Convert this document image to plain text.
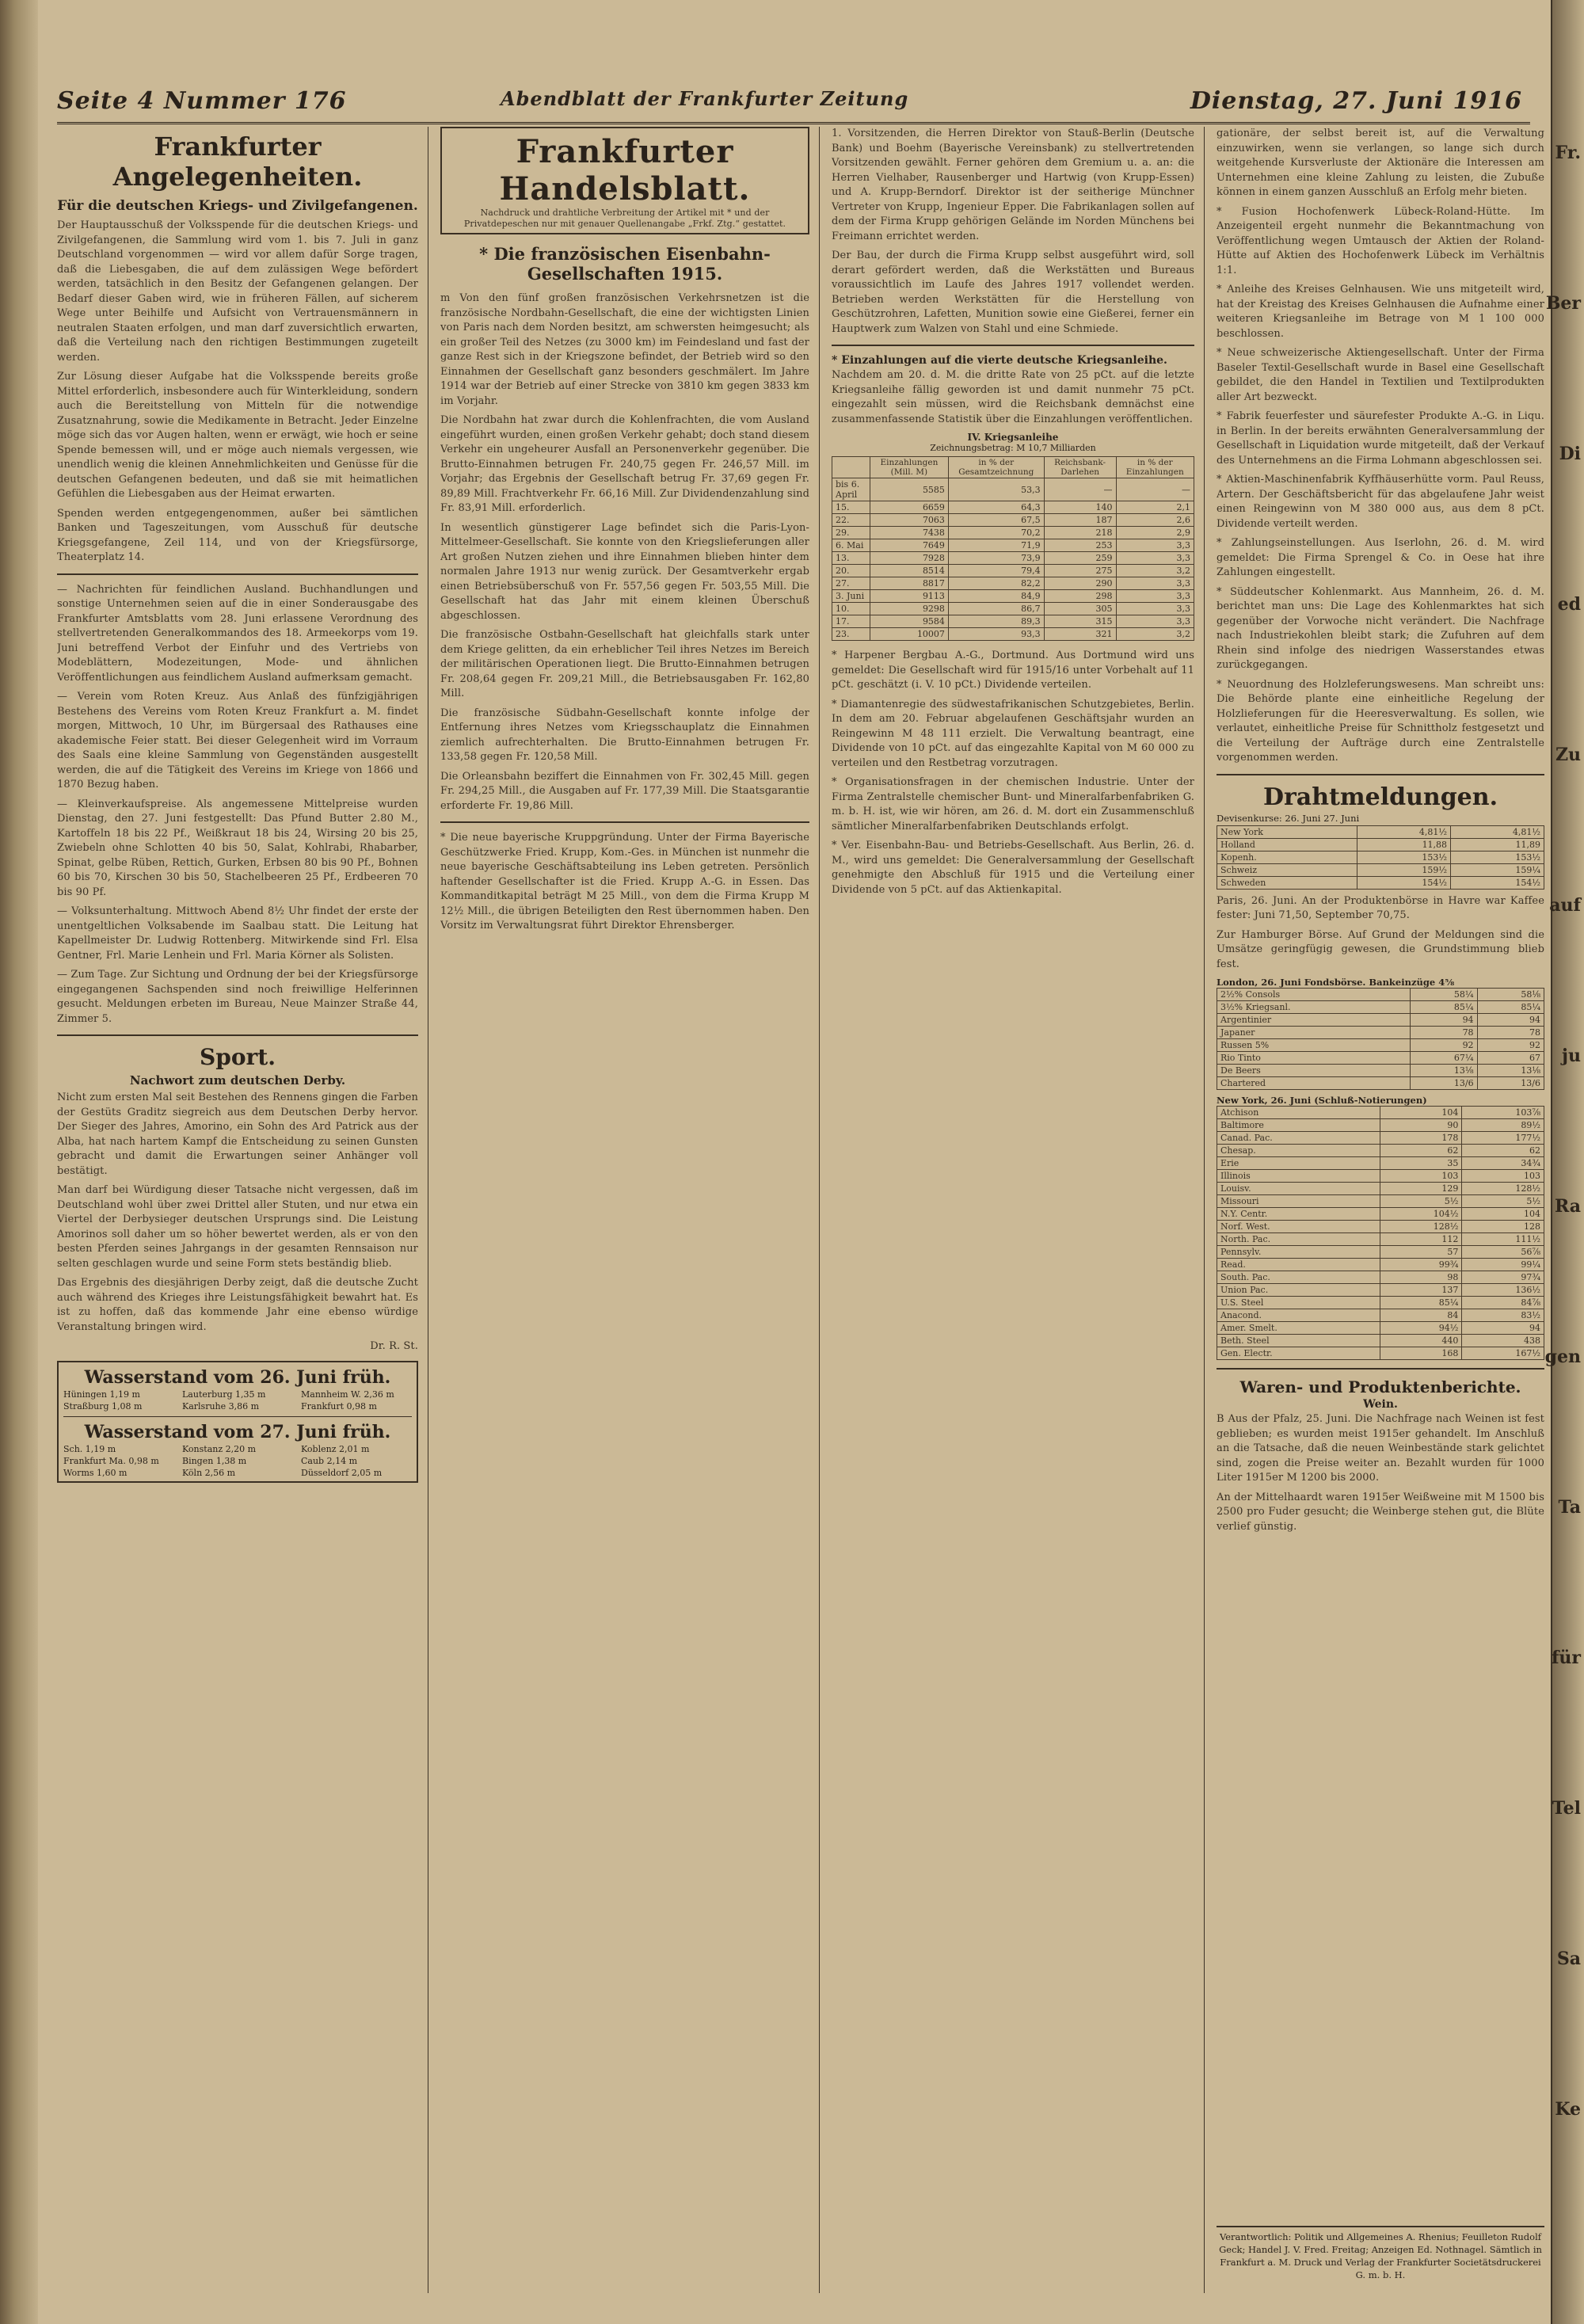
Seite 4 Nummer 176	Abendblatt der Frankfurter Zeitung	Dienstag, 27. Juni 1916
Frankfurter Angelegenheiten.
Für die deutschen Kriegs- und Zivilgefangenen.

Der Hauptausschuß der Volksspende für die deutschen Kriegs- und Zivilgefangenen, die Sammlung wird vom 1. bis 7. Juli in ganz Deutschland vorgenommen — wird vor allem dafür Sorge tragen, daß die Liebesgaben, die auf dem zulässigen Wege befördert werden, tatsächlich in den Besitz der Gefangenen gelangen. Der Bedarf dieser Gaben wird, wie in früheren Fällen, auf sicherem Wege unter Beihilfe und Aufsicht von Vertrauensmännern in neutralen Staaten erfolgen, und man darf zuversichtlich erwarten, daß die Verteilung nach den richtigen Bestimmungen zugeteilt werden.

Zur Lösung dieser Aufgabe hat die Volksspende bereits große Mittel erforderlich, insbesondere auch für Winterkleidung, sondern auch die Bereitstellung von Mitteln für die notwendige Zusatznahrung, sowie die Medikamente in Betracht. Jeder Einzelne möge sich das vor Augen halten, wenn er erwägt, wie hoch er seine Spende bemessen will, und er möge auch niemals vergessen, wie unendlich wenig die kleinen Annehmlichkeiten und Genüsse für die deutschen Gefangenen bedeuten, und daß sie mit heimatlichen Gefühlen die Liebesgaben aus der Heimat erwarten.

Spenden werden entgegengenommen, außer bei sämtlichen Banken und Tageszeitungen, vom Ausschuß für deutsche Kriegsgefangene, Zeil 114, und von der Kriegsfürsorge, Theaterplatz 14.

— Nachrichten für feindlichen Ausland. Buchhandlungen und sonstige Unternehmen seien auf die in einer Sonderausgabe des Frankfurter Amtsblatts vom 28. Juni erlassene Verordnung des stellvertretenden Generalkommandos des 18. Armeekorps vom 19. Juni betreffend Verbot der Einfuhr und des Vertriebs von Modeblättern, Modezeitungen, Mode- und ähnlichen Veröffentlichungen aus feindlichem Ausland aufmerksam gemacht.

— Verein vom Roten Kreuz. Aus Anlaß des fünfzigjährigen Bestehens des Vereins vom Roten Kreuz Frankfurt a. M. findet morgen, Mittwoch, 10 Uhr, im Bürgersaal des Rathauses eine akademische Feier statt. Bei dieser Gelegenheit wird im Vorraum des Saals eine kleine Sammlung von Gegenständen ausgestellt werden, die auf die Tätigkeit des Vereins im Kriege von 1866 und 1870 Bezug haben.

— Kleinverkaufspreise. Als angemessene Mittelpreise wurden Dienstag, den 27. Juni festgestellt: Das Pfund Butter 2.80 M., Kartoffeln 18 bis 22 Pf., Weißkraut 18 bis 24, Wirsing 20 bis 25, Zwiebeln ohne Schlotten 40 bis 50, Salat, Kohlrabi, Rhabarber, Spinat, gelbe Rüben, Rettich, Gurken, Erbsen 80 bis 90 Pf., Bohnen 60 bis 70, Kirschen 30 bis 50, Stachelbeeren 25 Pf., Erdbeeren 70 bis 90 Pf.

— Volksunterhaltung. Mittwoch Abend 8½ Uhr findet der erste der unentgeltlichen Volksabende im Saalbau statt. Die Leitung hat Kapellmeister Dr. Ludwig Rottenberg. Mitwirkende sind Frl. Elsa Gentner, Frl. Marie Lenhein und Frl. Maria Körner als Solisten.

— Zum Tage. Zur Sichtung und Ordnung der bei der Kriegsfürsorge eingegangenen Sachspenden sind noch freiwillige Helferinnen gesucht. Meldungen erbeten im Bureau, Neue Mainzer Straße 44, Zimmer 5.

Sport.
Nachwort zum deutschen Derby.

Nicht zum ersten Mal seit Bestehen des Rennens gingen die Farben der Gestüts Graditz siegreich aus dem Deutschen Derby hervor. Der Sieger des Jahres, Amorino, ein Sohn des Ard Patrick aus der Alba, hat nach hartem Kampf die Entscheidung zu seinen Gunsten gebracht und damit die Erwartungen seiner Anhänger voll bestätigt.

Man darf bei Würdigung dieser Tatsache nicht vergessen, daß im Deutschland wohl über zwei Drittel aller Stuten, und nur etwa ein Viertel der Derbysieger deutschen Ursprungs sind. Die Leistung Amorinos soll daher um so höher bewertet werden, als er von den besten Pferden seines Jahrgangs in der gesamten Rennsaison nur selten geschlagen wurde und seine Form stets beständig blieb.

Das Ergebnis des diesjährigen Derby zeigt, daß die deutsche Zucht auch während des Krieges ihre Leistungsfähigkeit bewahrt hat. Es ist zu hoffen, daß das kommende Jahr eine ebenso würdige Veranstaltung bringen wird.

Dr. R. St.

Wasserstand vom 26. Juni früh.
Hüningen 1,19 m	Lauterburg 1,35 m	Mannheim W. 2,36 m
Straßburg 1,08 m	Karlsruhe 3,86 m	Frankfurt 0,98 m
Wasserstand vom 27. Juni früh.
Sch. 1,19 m	Konstanz 2,20 m	Koblenz 2,01 m
Frankfurt Ma. 0,98 m	Bingen 1,38 m	Caub 2,14 m
Worms 1,60 m	Köln 2,56 m	Düsseldorf 2,05 m
Frankfurter Handelsblatt.

Nachdruck und drahtliche Verbreitung der Artikel mit * und der Privatdepeschen nur mit genauer Quellenangabe „Frkf. Ztg.“ gestattet.

* Die französischen Eisenbahn-Gesellschaften 1915.

m Von den fünf großen französischen Verkehrsnetzen ist die französische Nordbahn-Gesellschaft, die eine der wichtigsten Linien von Paris nach dem Norden besitzt, am schwersten heimgesucht; als ein großer Teil des Netzes (zu 3000 km) im Feindesland und fast der ganze Rest sich in der Kriegszone befindet, der Betrieb wird so den Einnahmen der Gesellschaft ganz besonders geschmälert. Im Jahre 1914 war der Betrieb auf einer Strecke von 3810 km gegen 3833 km im Vorjahr.

Die Nordbahn hat zwar durch die Kohlenfrachten, die vom Ausland eingeführt wurden, einen großen Verkehr gehabt; doch stand diesem Verkehr ein ungeheurer Ausfall an Personenverkehr gegenüber. Die Brutto-Einnahmen betrugen Fr. 240,75 gegen Fr. 246,57 Mill. im Vorjahr; das Ergebnis der Gesellschaft betrug Fr. 37,69 gegen Fr. 89,89 Mill. Frachtverkehr Fr. 66,16 Mill. Zur Dividendenzahlung sind Fr. 83,91 Mill. erforderlich.

In wesentlich günstigerer Lage befindet sich die Paris-Lyon-Mittelmeer-Gesellschaft. Sie konnte von den Kriegslieferungen aller Art großen Nutzen ziehen und ihre Einnahmen blieben hinter dem normalen Jahre 1913 nur wenig zurück. Der Gesamtverkehr ergab einen Betriebsüberschuß von Fr. 557,56 gegen Fr. 503,55 Mill. Die Gesellschaft hat das Jahr mit einem kleinen Überschuß abgeschlossen.

Die französische Ostbahn-Gesellschaft hat gleichfalls stark unter dem Kriege gelitten, da ein erheblicher Teil ihres Netzes im Bereich der militärischen Operationen liegt. Die Brutto-Einnahmen betrugen Fr. 208,64 gegen Fr. 209,21 Mill., die Betriebsausgaben Fr. 162,80 Mill.

Die französische Südbahn-Gesellschaft konnte infolge der Entfernung ihres Netzes vom Kriegsschauplatz die Einnahmen ziemlich aufrechterhalten. Die Brutto-Einnahmen betrugen Fr. 133,58 gegen Fr. 120,58 Mill.

Die Orleansbahn beziffert die Einnahmen von Fr. 302,45 Mill. gegen Fr. 294,25 Mill., die Ausgaben auf Fr. 177,39 Mill. Die Staatsgarantie erforderte Fr. 19,86 Mill.

* Die neue bayerische Kruppgründung. Unter der Firma Bayerische Geschützwerke Fried. Krupp, Kom.-Ges. in München ist nunmehr die neue bayerische Geschäftsabteilung ins Leben getreten. Persönlich haftender Gesellschafter ist die Fried. Krupp A.-G. in Essen. Das Kommanditkapital beträgt M 25 Mill., von dem die Firma Krupp M 12½ Mill., die übrigen Beteiligten den Rest übernommen haben. Den Vorsitz im Verwaltungsrat führt Direktor Ehrensberger.

1. Vorsitzenden, die Herren Direktor von Stauß-Berlin (Deutsche Bank) und Boehm (Bayerische Vereinsbank) zu stellvertretenden Vorsitzenden gewählt. Ferner gehören dem Gremium u. a. an: die Herren Vielhaber, Rausenberger und Hartwig (von Krupp-Essen) und A. Krupp-Berndorf. Direktor ist der seitherige Münchner Vertreter von Krupp, Ingenieur Epper. Die Fabrikanlagen sollen auf dem der Firma Krupp gehörigen Gelände im Norden Münchens bei Freimann errichtet werden.

Der Bau, der durch die Firma Krupp selbst ausgeführt wird, soll derart gefördert werden, daß die Werkstätten und Bureaus voraussichtlich im Laufe des Jahres 1917 vollendet werden. Betrieben werden Werkstätten für die Herstellung von Geschützrohren, Lafetten, Munition sowie eine Gießerei, ferner ein Hauptwerk zum Walzen von Stahl und eine Schmiede.

* Einzahlungen auf die vierte deutsche Kriegsanleihe.

Nachdem am 20. d. M. die dritte Rate von 25 pCt. auf die letzte Kriegsanleihe fällig geworden ist und damit nunmehr 75 pCt. eingezahlt sein müssen, wird die Reichsbank demnächst eine zusammenfassende Statistik über die Einzahlungen veröffentlichen.

IV. Kriegsanleihe
Zeichnungsbetrag: M 10,7 Milliarden
	Einzahlungen (Mill. M)	in % der Gesamtzeichnung	Reichsbank-Darlehen	in % der Einzahlungen
bis 6. April	5585	53,3	—	—
15.	6659	64,3	140	2,1
22.	7063	67,5	187	2,6
29.	7438	70,2	218	2,9
6. Mai	7649	71,9	253	3,3
13.	7928	73,9	259	3,3
20.	8514	79,4	275	3,2
27.	8817	82,2	290	3,3
3. Juni	9113	84,9	298	3,3
10.	9298	86,7	305	3,3
17.	9584	89,3	315	3,3
23.	10007	93,3	321	3,2

* Harpener Bergbau A.-G., Dortmund. Aus Dortmund wird uns gemeldet: Die Gesellschaft wird für 1915/16 unter Vorbehalt auf 11 pCt. geschätzt (i. V. 10 pCt.) Dividende verteilen.

* Diamantenregie des südwestafrikanischen Schutzgebietes, Berlin. In dem am 20. Februar abgelaufenen Geschäftsjahr wurden an Reingewinn M 48 111 erzielt. Die Verwaltung beantragt, eine Dividende von 10 pCt. auf das eingezahlte Kapital von M 60 000 zu verteilen und den Restbetrag vorzutragen.

* Organisationsfragen in der chemischen Industrie. Unter der Firma Zentralstelle chemischer Bunt- und Mineralfarbenfabriken G. m. b. H. ist, wie wir hören, am 26. d. M. dort ein Zusammenschluß sämtlicher Mineralfarbenfabriken Deutschlands erfolgt.

* Ver. Eisenbahn-Bau- und Betriebs-Gesellschaft. Aus Berlin, 26. d. M., wird uns gemeldet: Die Generalversammlung der Gesellschaft genehmigte den Abschluß für 1915 und die Verteilung einer Dividende von 5 pCt. auf das Aktienkapital.

gationäre, der selbst bereit ist, auf die Verwaltung einzuwirken, wenn sie verlangen, so lange sich durch weitgehende Kursverluste der Aktionäre die Interessen am Unternehmen eine kleine Zahlung zu leisten, die Zubuße können in einem ganzen Ausschluß an Erfolg mehr bieten.

* Fusion Hochofenwerk Lübeck-Roland-Hütte. Im Anzeigenteil ergeht nunmehr die Bekanntmachung von Veröffentlichung wegen Umtausch der Aktien der Roland-Hütte auf Aktien des Hochofenwerk Lübeck im Verhältnis 1:1.

* Anleihe des Kreises Gelnhausen. Wie uns mitgeteilt wird, hat der Kreistag des Kreises Gelnhausen die Aufnahme einer weiteren Kriegsanleihe im Betrage von M 1 100 000 beschlossen.

* Neue schweizerische Aktiengesellschaft. Unter der Firma Baseler Textil-Gesellschaft wurde in Basel eine Gesellschaft gebildet, die den Handel in Textilien und Textilprodukten aller Art bezweckt.

* Fabrik feuerfester und säurefester Produkte A.-G. in Liqu. in Berlin. In der bereits erwähnten Generalversammlung der Gesellschaft in Liquidation wurde mitgeteilt, daß der Verkauf des Unternehmens an die Firma Lohmann abgeschlossen sei.

* Aktien-Maschinenfabrik Kyffhäuserhütte vorm. Paul Reuss, Artern. Der Geschäftsbericht für das abgelaufene Jahr weist einen Reingewinn von M 380 000 aus, aus dem 8 pCt. Dividende verteilt werden.

* Zahlungseinstellungen. Aus Iserlohn, 26. d. M. wird gemeldet: Die Firma Sprengel & Co. in Oese hat ihre Zahlungen eingestellt.

* Süddeutscher Kohlenmarkt. Aus Mannheim, 26. d. M. berichtet man uns: Die Lage des Kohlenmarktes hat sich gegenüber der Vorwoche nicht verändert. Die Nachfrage nach Industriekohlen bleibt stark; die Zufuhren auf dem Rhein sind infolge des niedrigen Wasserstandes etwas zurückgegangen.

* Neuordnung des Holzleferungswesens. Man schreibt uns: Die Behörde plante eine einheitliche Regelung der Holzlieferungen für die Heeresverwaltung. Es sollen, wie verlautet, einheitliche Preise für Schnittholz festgesetzt und die Verteilung der Aufträge durch eine Zentralstelle vorgenommen werden.

Drahtmeldungen.
Devisenkurse: 26. Juni 27. Juni
New York	4,81½	4,81½
Holland	11,88	11,89
Kopenh.	153½	153½
Schweiz	159½	159¼
Schweden	154½	154½

Paris, 26. Juni. An der Produktenbörse in Havre war Kaffee fester: Juni 71,50, September 70,75.

Zur Hamburger Börse. Auf Grund der Meldungen sind die Umsätze geringfügig gewesen, die Grundstimmung blieb fest.

London, 26. Juni Fondsbörse. Bankeinzüge 4⅝
2½% Consols	58¼	58⅛
3½% Kriegsanl.	85¼	85¼
Argentinier	94	94
Japaner	78	78
Russen 5%	92	92
Rio Tinto	67¼	67
De Beers	13⅛	13⅛
Chartered	13/6	13/6
New York, 26. Juni (Schluß-Notierungen)
Atchison	104	103⅞
Baltimore	90	89½
Canad. Pac.	178	177½
Chesap.	62	62
Erie	35	34¾
Illinois	103	103
Louisv.	129	128½
Missouri	5½	5½
N.Y. Centr.	104½	104
Norf. West.	128½	128
North. Pac.	112	111½
Pennsylv.	57	56⅞
Read.	99¾	99¼
South. Pac.	98	97¾
Union Pac.	137	136½
U.S. Steel	85¼	84⅞
Anacond.	84	83½
Amer. Smelt.	94½	94
Beth. Steel	440	438
Gen. Electr.	168	167½
Waren- und Produktenberichte.
Wein.

B Aus der Pfalz, 25. Juni. Die Nachfrage nach Weinen ist fest geblieben; es wurden meist 1915er gehandelt. Im Anschluß an die Tatsache, daß die neuen Weinbestände stark gelichtet sind, zogen die Preise weiter an. Bezahlt wurden für 1000 Liter 1915er M 1200 bis 2000.

An der Mittelhaardt waren 1915er Weißweine mit M 1500 bis 2500 pro Fuder gesucht; die Weinberge stehen gut, die Blüte verlief günstig.

Verantwortlich: Politik und Allgemeines A. Rhenius; Feuilleton Rudolf Geck; Handel J. V. Fred. Freitag; Anzeigen Ed. Nothnagel. Sämtlich in Frankfurt a. M. Druck und Verlag der Frankfurter Societätsdruckerei G. m. b. H.

Fr.
Ber
Di
ed
Zu
auf
ju
Ra
gen
Ta
für
Tel
Sa
Ke
